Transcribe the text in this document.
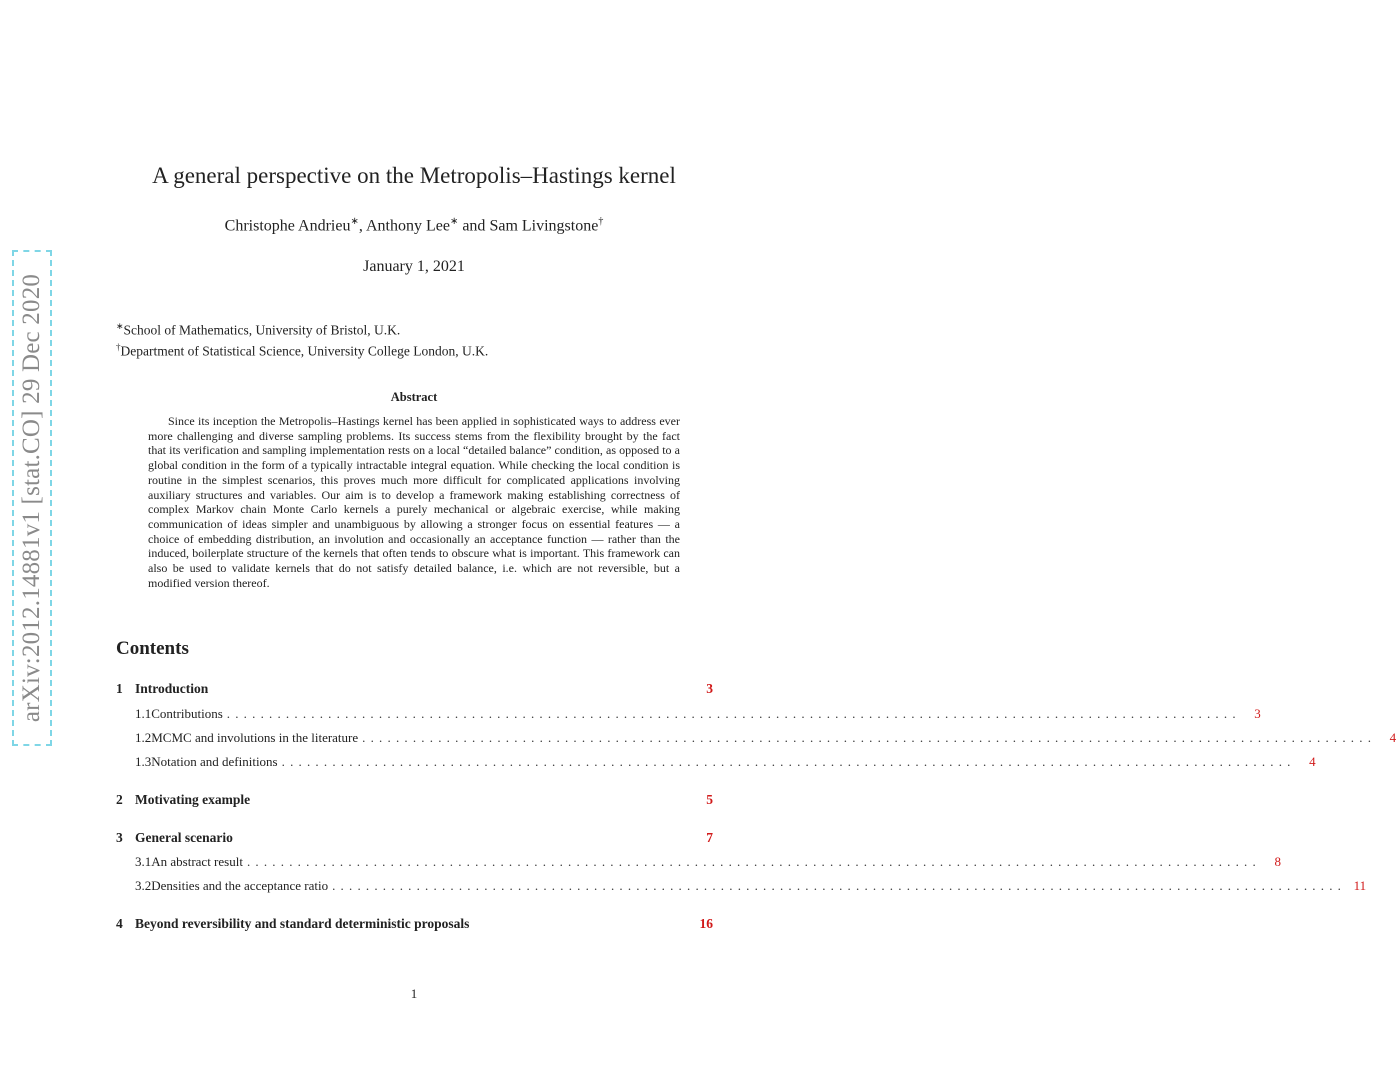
arXiv:2012.14881v1 [stat.CO] 29 Dec 2020
A general perspective on the Metropolis–Hastings kernel
Christophe Andrieu∗, Anthony Lee∗ and Sam Livingstone†
January 1, 2021
∗School of Mathematics, University of Bristol, U.K.
†Department of Statistical Science, University College London, U.K.
Abstract

Since its inception the Metropolis–Hastings kernel has been applied in sophisticated ways to address ever more challenging and diverse sampling problems. Its success stems from the flexibility brought by the fact that its verification and sampling implementation rests on a local “detailed balance” condition, as opposed to a global condition in the form of a typically intractable integral equation. While checking the local condition is routine in the simplest scenarios, this proves much more difficult for complicated applications involving auxiliary structures and variables. Our aim is to develop a framework making establishing correctness of complex Markov chain Monte Carlo kernels a purely mechanical or algebraic exercise, while making communication of ideas simpler and unambiguous by allowing a stronger focus on essential features — a choice of embedding distribution, an involution and occasionally an acceptance function — rather than the induced, boilerplate structure of the kernels that often tends to obscure what is important. This framework can also be used to validate kernels that do not satisfy detailed balance, i.e. which are not reversible, but a modified version thereof.

Contents
1 Introduction	3
1.1 Contributions ........................................................................................................................	3
1.2 MCMC and involutions in the literature ........................................................................................................................	4
1.3 Notation and definitions ........................................................................................................................	4
2 Motivating example	5
3 General scenario	7
3.1 An abstract result ........................................................................................................................	8
3.2 Densities and the acceptance ratio ........................................................................................................................ 11
4 Beyond reversibility and standard deterministic proposals	16
1
